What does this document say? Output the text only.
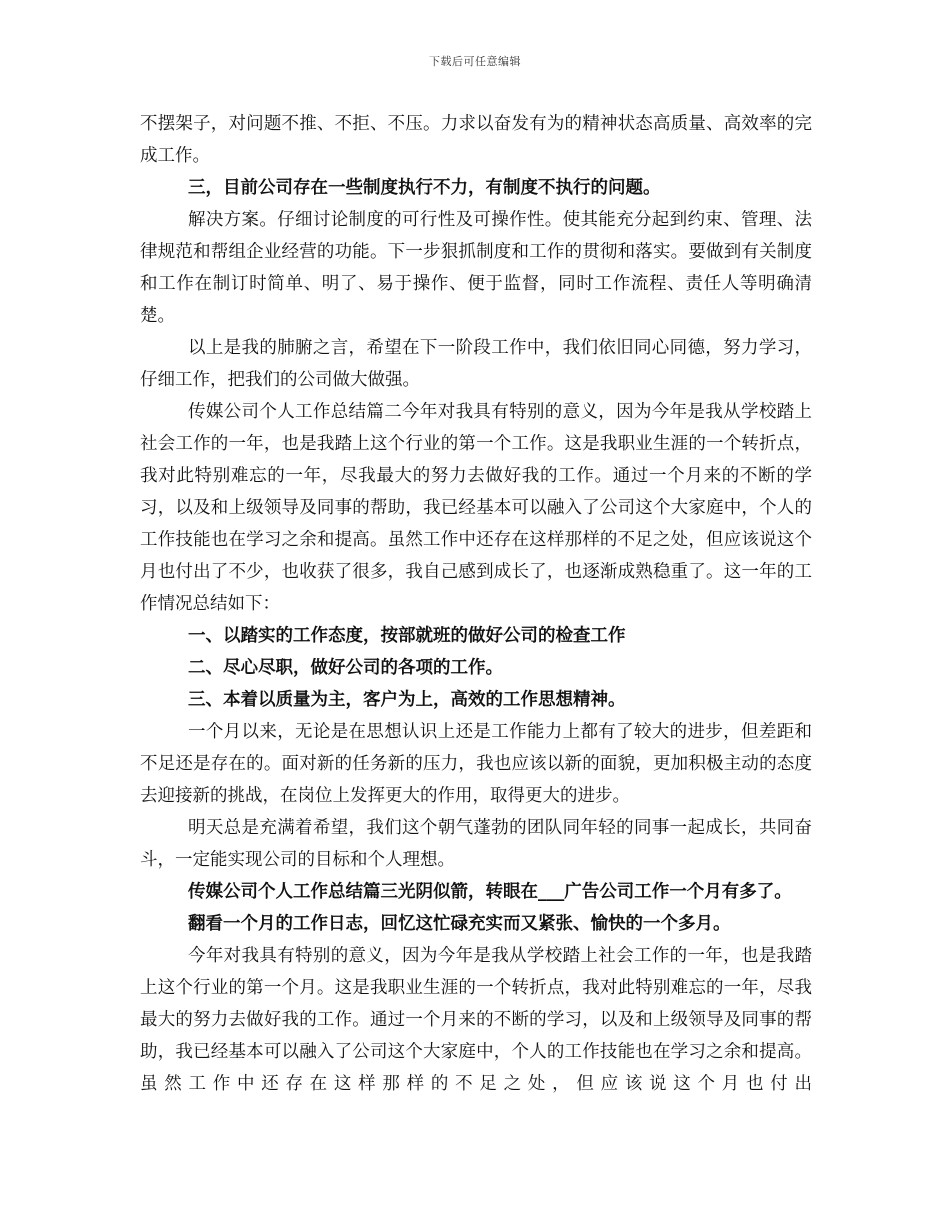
下载后可任意编辑

不摆架子，对问题不推、不拒、不压。力求以奋发有为的精神状态高质量、高效率的完成工作。

三，目前公司存在一些制度执行不力，有制度不执行的问题。

解决方案。仔细讨论制度的可行性及可操作性。使其能充分起到约束、管理、法律规范和帮组企业经营的功能。下一步狠抓制度和工作的贯彻和落实。要做到有关制度和工作在制订时简单、明了、易于操作、便于监督，同时工作流程、责任人等明确清楚。

以上是我的肺腑之言，希望在下一阶段工作中，我们依旧同心同德，努力学习，仔细工作，把我们的公司做大做强。

传媒公司个人工作总结篇二今年对我具有特别的意义，因为今年是我从学校踏上社会工作的一年，也是我踏上这个行业的第一个工作。这是我职业生涯的一个转折点，我对此特别难忘的一年，尽我最大的努力去做好我的工作。通过一个月来的不断的学习，以及和上级领导及同事的帮助，我已经基本可以融入了公司这个大家庭中，个人的工作技能也在学习之余和提高。虽然工作中还存在这样那样的不足之处，但应该说这个月也付出了不少，也收获了很多，我自己感到成长了，也逐渐成熟稳重了。这一年的工作情况总结如下：

一、以踏实的工作态度，按部就班的做好公司的检查工作

二、尽心尽职，做好公司的各项的工作。

三、本着以质量为主，客户为上，高效的工作思想精神。

一个月以来，无论是在思想认识上还是工作能力上都有了较大的进步，但差距和不足还是存在的。面对新的任务新的压力，我也应该以新的面貌，更加积极主动的态度去迎接新的挑战，在岗位上发挥更大的作用，取得更大的进步。

明天总是充满着希望，我们这个朝气蓬勃的团队同年轻的同事一起成长，共同奋斗，一定能实现公司的目标和个人理想。

传媒公司个人工作总结篇三光阴似箭，转眼在___广告公司工作一个月有多了。

翻看一个月的工作日志，回忆这忙碌充实而又紧张、愉快的一个多月。

今年对我具有特别的意义，因为今年是我从学校踏上社会工作的一年，也是我踏上这个行业的第一个月。这是我职业生涯的一个转折点，我对此特别难忘的一年，尽我最大的努力去做好我的工作。通过一个月来的不断的学习，以及和上级领导及同事的帮助，我已经基本可以融入了公司这个大家庭中，个人的工作技能也在学习之余和提高。虽然工作中还存在这样那样的不足之处，但应该说这个月也付出
